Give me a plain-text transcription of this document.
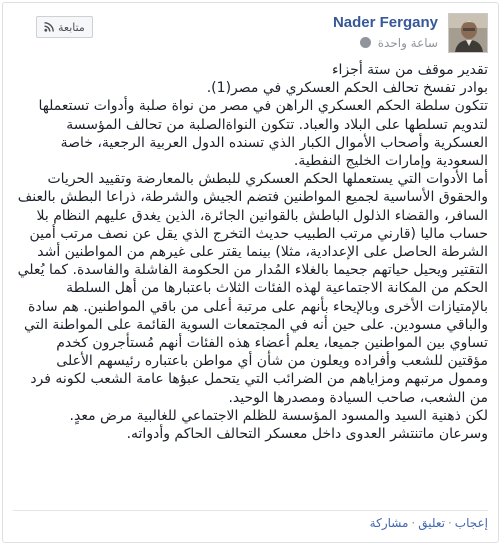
Nader Fergany
ساعة واحدة
متابعة
تقدير موقف من ستة أجزاء
بوادر تفسخ تحالف الحكم العسكري في مصر(1).
تتكون سلطة الحكم العسكري الراهن في مصر من نواة صلبة وأدوات تستعملها لتدويم تسلطها على البلاد والعباد. تتكون النواةالصلبة من تحالف المؤسسة العسكرية وأصحاب الأموال الكبار الذي تسنده الدول العربية الرجعية، خاصة السعودية وإمارات الخليج النفطية.
أما الأدوات التي يستعملها الحكم العسكري للبطش بالمعارضة وتقييد الحريات والحقوق الأساسية لجميع المواطنين فتضم الجيش والشرطة، ذراعا البطش بالعنف السافر، والقضاء الذلول الباطش بالقوانين الجائرة، الذين يغدق عليهم النظام بلا حساب ماليا (قارني مرتب الطبيب حديث التخرج الذي يقل عن نصف مرتب أمين الشرطة الحاصل على الإعدادية، مثلا) بينما يقتر على غيرهم من المواطنين أشد التقتير ويحيل حياتهم جحيما بالغلاء المُدار من الحكومة الفاشلة والفاسدة. كما يُعلي الحكم من المكانة الاجتماعية لهذه الفئات الثلاث باعتبارها من أهل السلطة بالإمتيازات الأخرى وبالإيحاء بأنهم على مرتبة أعلى من باقي المواطنين. هم سادة والباقي مسودين. على حين أنه في المجتمعات السوية القائمة على المواطنة التي تساوي بين المواطنين جميعا، يعلم أعضاء هذه الفئات أنهم مُستأجرون كخدم مؤقتين للشعب وأفراده ويعلون من شأن أي مواطن باعتباره رئيسهم الأعلى وممول مرتبهم ومزاياهم من الضرائب التي يتحمل عبؤها عامة الشعب لكونه فرد من الشعب، صاحب السيادة ومصدرها الوحيد.
لكن ذهنية السيد والمسود المؤسسة للظلم الاجتماعي للغالبية مرض معدٍ.
وسرعان ماتنتشر العدوى داخل معسكر التحالف الحاكم وأدواته.
إعجاب·تعليق·مشاركة
